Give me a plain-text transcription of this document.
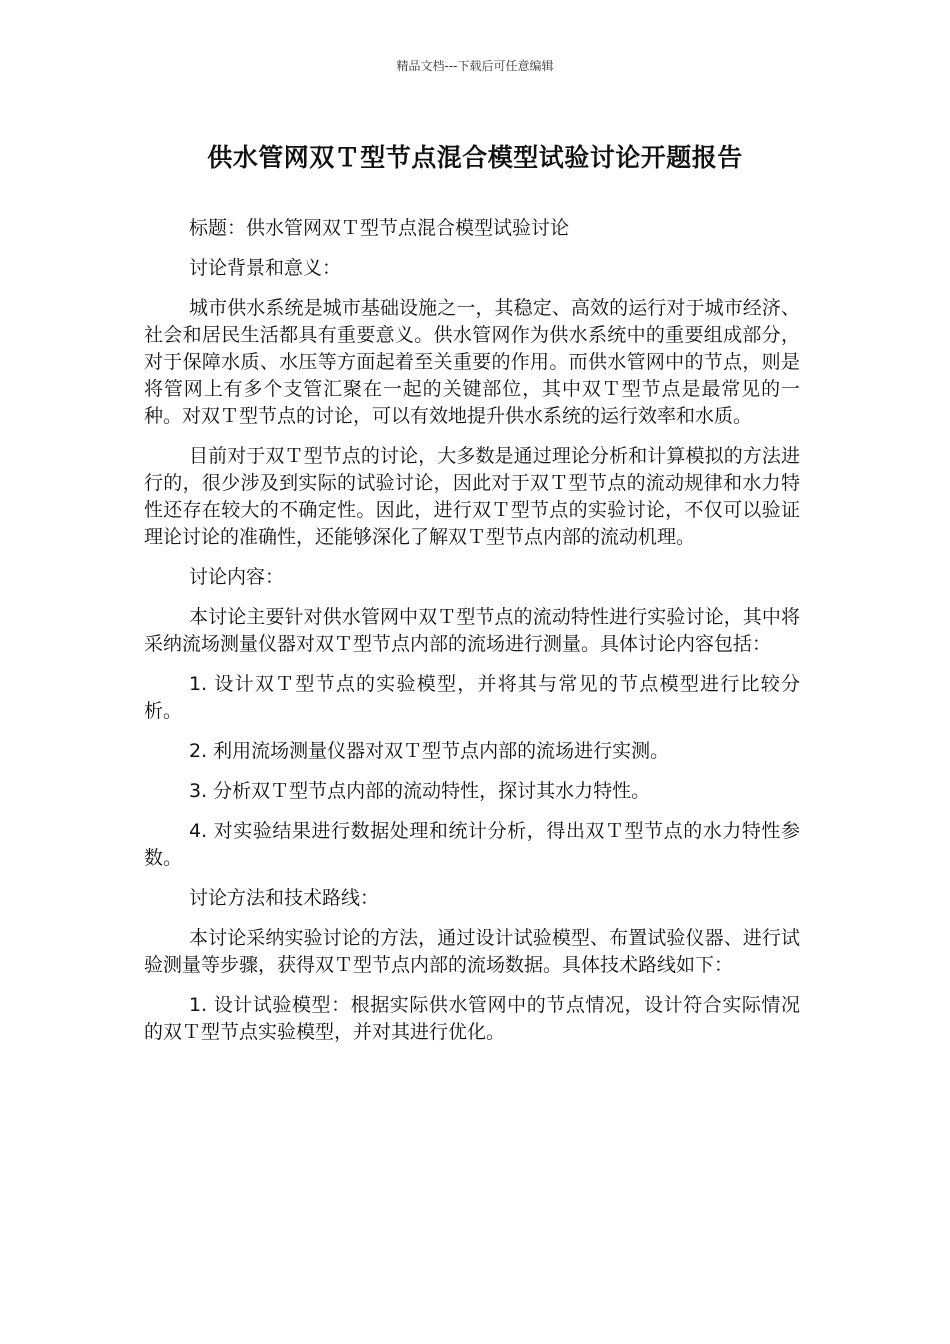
精品文档---下载后可任意编辑
供水管网双Ｔ型节点混合模型试验讨论开题报告

标题：供水管网双Ｔ型节点混合模型试验讨论

讨论背景和意义：

城市供水系统是城市基础设施之一，其稳定、高效的运行对于城市经济、社会和居民生活都具有重要意义。供水管网作为供水系统中的重要组成部分，对于保障水质、水压等方面起着至关重要的作用。而供水管网中的节点，则是将管网上有多个支管汇聚在一起的关键部位，其中双Ｔ型节点是最常见的一种。对双Ｔ型节点的讨论，可以有效地提升供水系统的运行效率和水质。

目前对于双Ｔ型节点的讨论，大多数是通过理论分析和计算模拟的方法进行的，很少涉及到实际的试验讨论，因此对于双Ｔ型节点的流动规律和水力特性还存在较大的不确定性。因此，进行双Ｔ型节点的实验讨论，不仅可以验证理论讨论的准确性，还能够深化了解双Ｔ型节点内部的流动机理。

讨论内容：

本讨论主要针对供水管网中双Ｔ型节点的流动特性进行实验讨论，其中将采纳流场测量仪器对双Ｔ型节点内部的流场进行测量。具体讨论内容包括：

1. 设计双Ｔ型节点的实验模型，并将其与常见的节点模型进行比较分析。

2. 利用流场测量仪器对双Ｔ型节点内部的流场进行实测。

3. 分析双Ｔ型节点内部的流动特性，探讨其水力特性。

4. 对实验结果进行数据处理和统计分析，得出双Ｔ型节点的水力特性参数。

讨论方法和技术路线：

本讨论采纳实验讨论的方法，通过设计试验模型、布置试验仪器、进行试验测量等步骤，获得双Ｔ型节点内部的流场数据。具体技术路线如下：

1. 设计试验模型：根据实际供水管网中的节点情况，设计符合实际情况的双Ｔ型节点实验模型，并对其进行优化。
